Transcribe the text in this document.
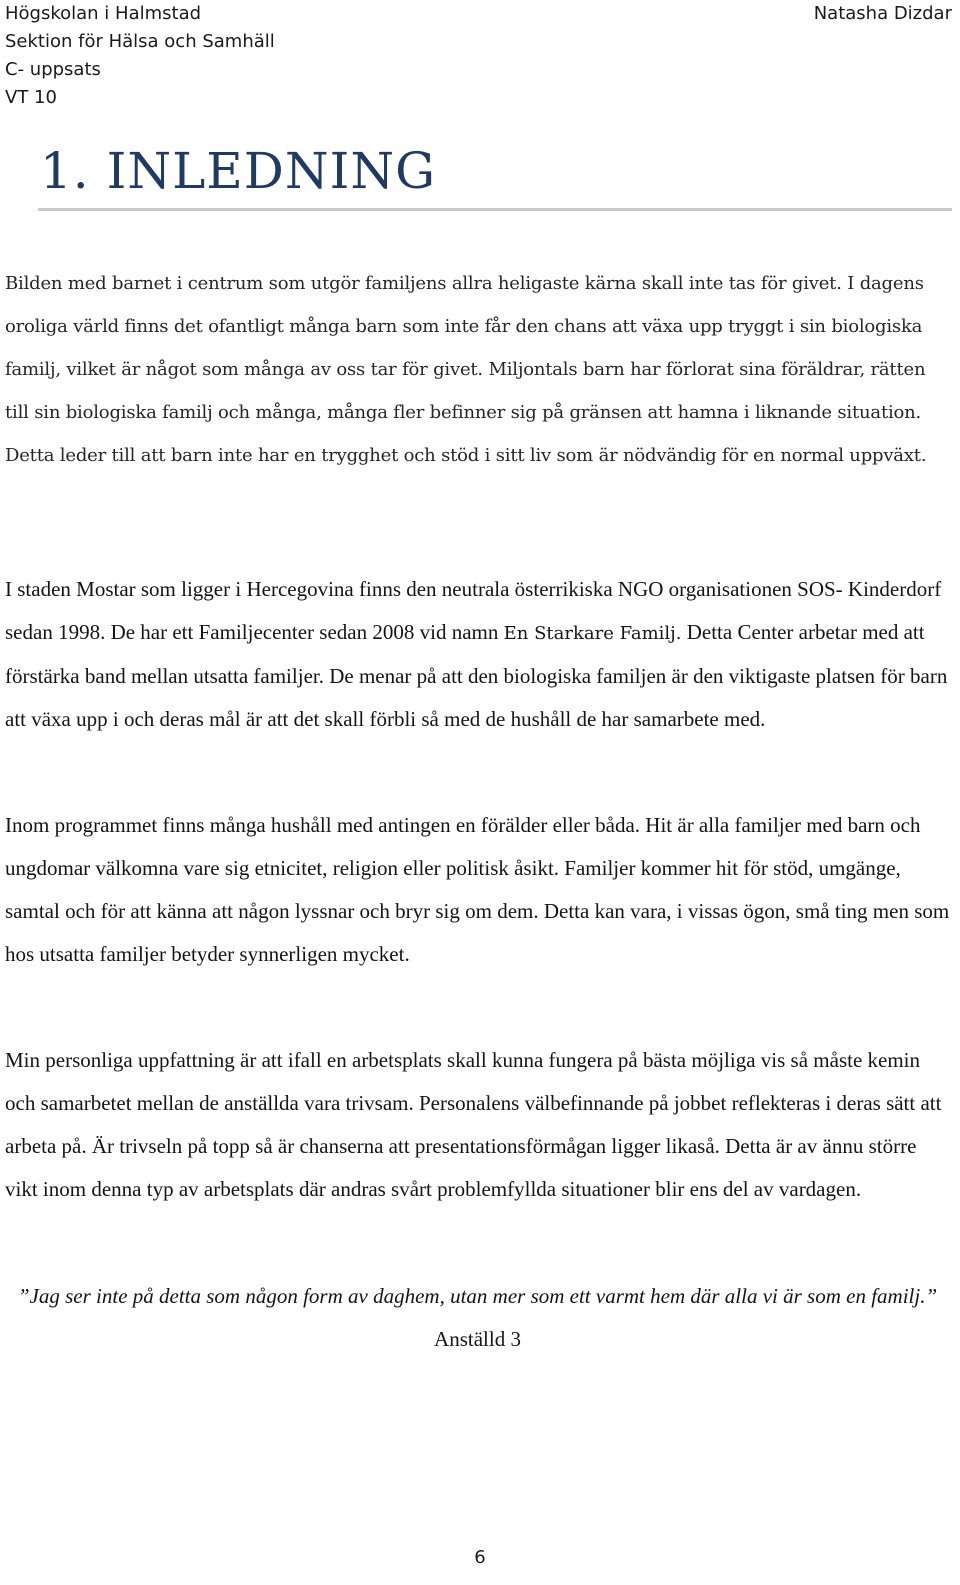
Högskolan i Halmstad
Sektion för Hälsa och Samhäll
C- uppsats
VT 10
Natasha Dizdar
1. INLEDNING

Bilden med barnet i centrum som utgör familjens allra heligaste kärna skall inte tas för givet. I dagens oroliga värld finns det ofantligt många barn som inte får den chans att växa upp tryggt i sin biologiska familj, vilket är något som många av oss tar för givet. Miljontals barn har förlorat sina föräldrar, rätten till sin biologiska familj och många, många fler befinner sig på gränsen att hamna i liknande situation. Detta leder till att barn inte har en trygghet och stöd i sitt liv som är nödvändig för en normal uppväxt.

I staden Mostar som ligger i Hercegovina finns den neutrala österrikiska NGO organisationen SOS- Kinderdorf sedan 1998. De har ett Familjecenter sedan 2008 vid namn En Starkare Familj. Detta Center arbetar med att förstärka band mellan utsatta familjer. De menar på att den biologiska familjen är den viktigaste platsen för barn att växa upp i och deras mål är att det skall förbli så med de hushåll de har samarbete med.

Inom programmet finns många hushåll med antingen en förälder eller båda. Hit är alla familjer med barn och ungdomar välkomna vare sig etnicitet, religion eller politisk åsikt. Familjer kommer hit för stöd, umgänge, samtal och för att känna att någon lyssnar och bryr sig om dem. Detta kan vara, i vissas ögon, små ting men som hos utsatta familjer betyder synnerligen mycket.

Min personliga uppfattning är att ifall en arbetsplats skall kunna fungera på bästa möjliga vis så måste kemin och samarbetet mellan de anställda vara trivsam. Personalens välbefinnande på jobbet reflekteras i deras sätt att arbeta på. Är trivseln på topp så är chanserna att presentationsförmågan ligger likaså. Detta är av ännu större vikt inom denna typ av arbetsplats där andras svårt problemfyllda situationer blir ens del av vardagen.

”Jag ser inte på detta som någon form av daghem, utan mer som ett varmt hem där alla vi är som en familj.” Anställd 3

6
